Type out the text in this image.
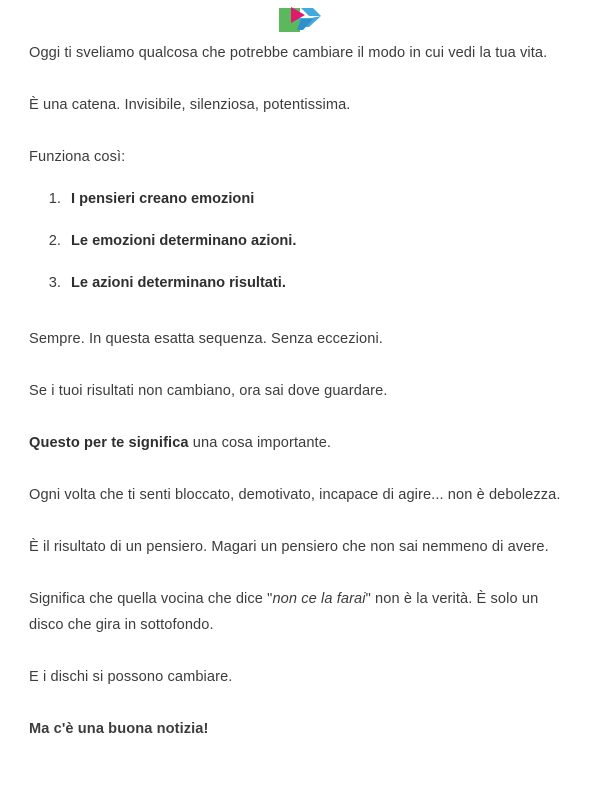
Oggi ti sveliamo qualcosa che potrebbe cambiare il modo in cui vedi la tua vita.

È una catena. Invisibile, silenziosa, potentissima.

Funziona così:

1. I pensieri creano emozioni
2. Le emozioni determinano azioni.
3. Le azioni determinano risultati.

Sempre. In questa esatta sequenza. Senza eccezioni.

Se i tuoi risultati non cambiano, ora sai dove guardare.

Questo per te significa una cosa importante.

Ogni volta che ti senti bloccato, demotivato, incapace di agire... non è debolezza.

È il risultato di un pensiero. Magari un pensiero che non sai nemmeno di avere.

Significa che quella vocina che dice "non ce la farai" non è la verità. È solo un disco che gira in sottofondo.

E i dischi si possono cambiare.

Ma c'è una buona notizia!
